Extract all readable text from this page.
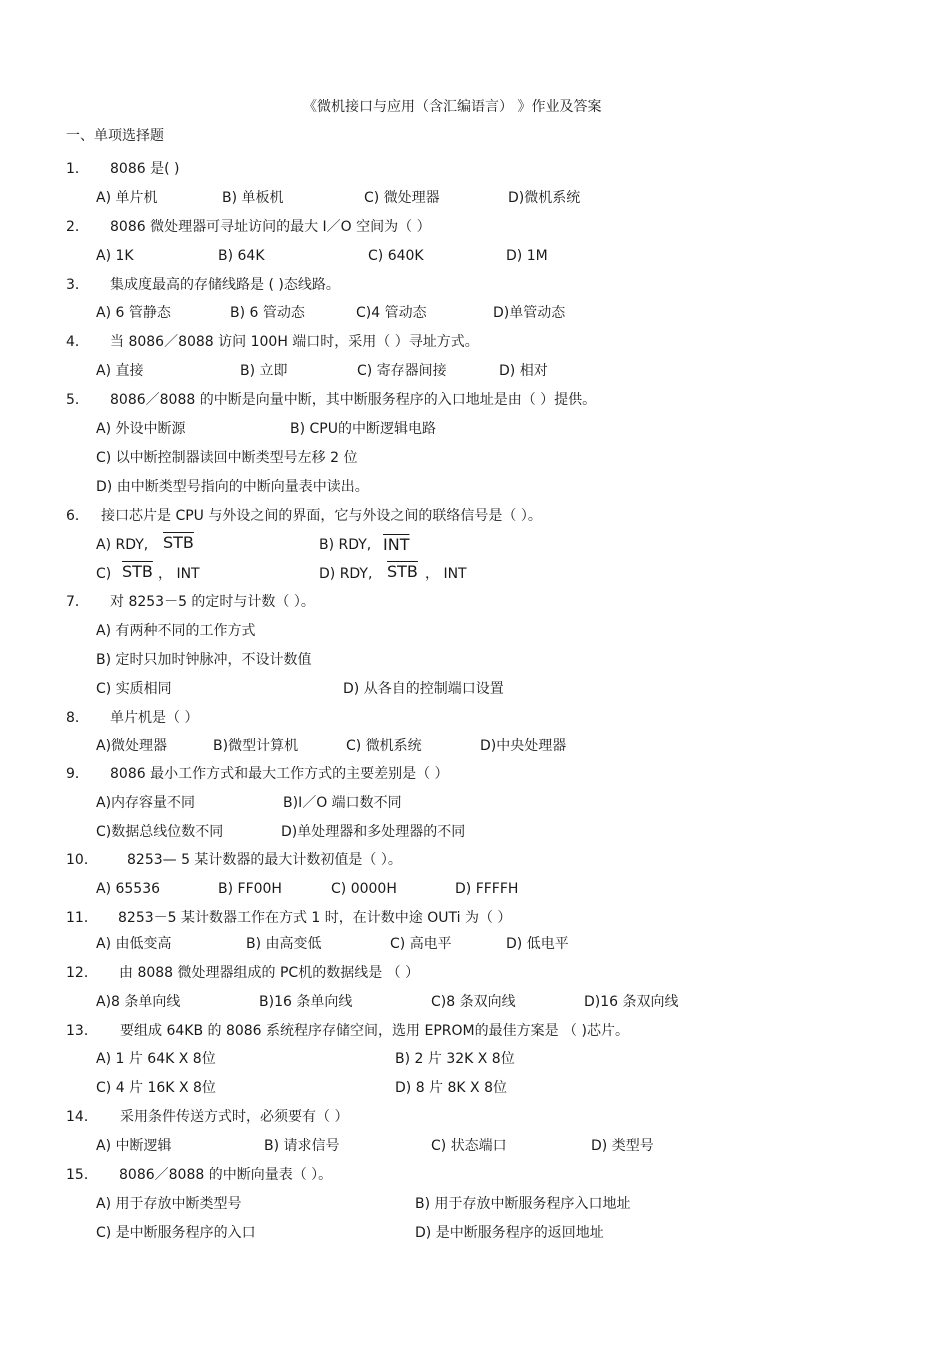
《微机接口与应用（含汇编语言） 》作业及答案
一、单项选择题
1． 8086 是( )
A) 单片机	B) 单板机	C) 微处理器	D)微机系统
2． 8086 微处理器可寻址访问的最大 I／O 空间为（ ）
A) 1K	B) 64K	C) 640K	D) 1M
3． 集成度最高的存储线路是 ( )态线路。
A) 6 管静态	B) 6 管动态	C)4 管动态	D)单管动态
4． 当 8086／8088 访问 100H 端口时，采用（ ）寻址方式。
A) 直接	B) 立即	C) 寄存器间接	D) 相对
5． 8086／8088 的中断是向量中断，其中断服务程序的入口地址是由（ ）提供。
A) 外设中断源	B) CPU的中断逻辑电路
C) 以中断控制器读回中断类型号左移 2 位
D) 由中断类型号指向的中断向量表中读出。
6． 接口芯片是 CPU 与外设之间的界面，它与外设之间的联络信号是（ ）。
A) RDY, $\overline{STB}$	B) RDY, $\overline{INT}$
C) $\overline{STB}$ ， INT	D) RDY, $\overline{STB}$ ， INT
7． 对 8253－5 的定时与计数（ ）。
A) 有两种不同的工作方式
B) 定时只加时钟脉冲，不设计数值
C) 实质相同	D) 从各自的控制端口设置
8． 单片机是（ ）
A)微处理器	B)微型计算机	C) 微机系统	D)中央处理器
9． 8086 最小工作方式和最大工作方式的主要差别是（ ）
A)内存容量不同	B)I／O 端口数不同
C)数据总线位数不同	D)单处理器和多处理器的不同
10． 8253— 5 某计数器的最大计数初值是（ ）。
A) 65536	B) FF00H	C) 0000H	D) FFFFH
11． 8253－5 某计数器工作在方式 1 时，在计数中途 OUTi 为（ ）
A) 由低变高	B) 由高变低	C) 高电平	D) 低电平
12． 由 8088 微处理器组成的 PC机的数据线是 （ ）
A)8 条单向线	B)16 条单向线	C)8 条双向线	D)16 条双向线
13． 要组成 64KB 的 8086 系统程序存储空间，选用 EPROM的最佳方案是 （ )芯片。
A) 1 片 64K X 8位	B) 2 片 32K X 8位
C) 4 片 16K X 8位	D) 8 片 8K X 8位
14． 采用条件传送方式时，必须要有（ ）
A) 中断逻辑	B) 请求信号	C) 状态端口	D) 类型号
15． 8086／8088 的中断向量表（ ）。
A) 用于存放中断类型号	B) 用于存放中断服务程序入口地址
C) 是中断服务程序的入口	D) 是中断服务程序的返回地址
